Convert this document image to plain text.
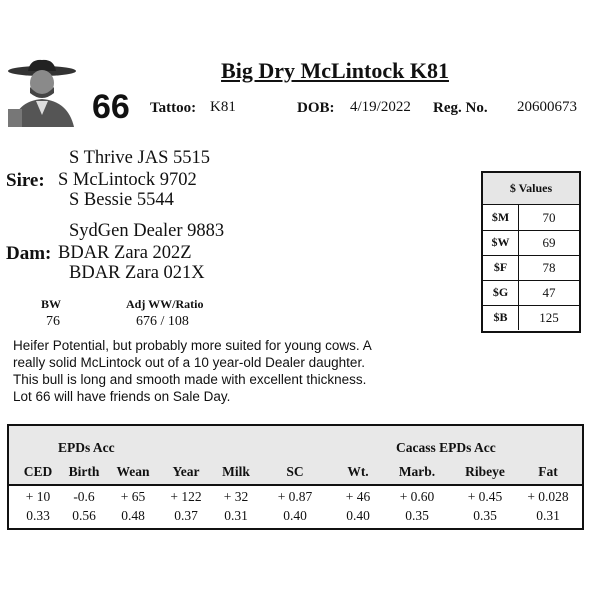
Big Dry McLintock K81
66 Tattoo: K81	DOB: 4/19/2022 Reg. No. 20600673
S Thrive JAS 5515
Sire: S McLintock 9702
S Bessie 5544
SydGen Dealer 9883
Dam: BDAR Zara 202Z
BDAR Zara 021X
BW
76
Adj WW/Ratio
676 / 108
$ Values
$M	70
$W	69
$F	78
$G	47
$B	125
Heifer Potential, but probably more suited for young cows. A really solid McLintock out of a 10 year-old Dealer daughter. This bull is long and smooth made with excellent thickness. Lot 66 will have friends on Sale Day.
EPDs Acc	Cacass EPDs Acc
CED	Birth	Wean	Year	Milk	SC	Wt.	Marb.	Ribeye	Fat
+ 10	-0.6	+ 65	+ 122	+ 32	+ 0.87	+ 46	+ 0.60	+ 0.45	+ 0.028
0.33	0.56	0.48	0.37	0.31	0.40	0.40	0.35	0.35	0.31
